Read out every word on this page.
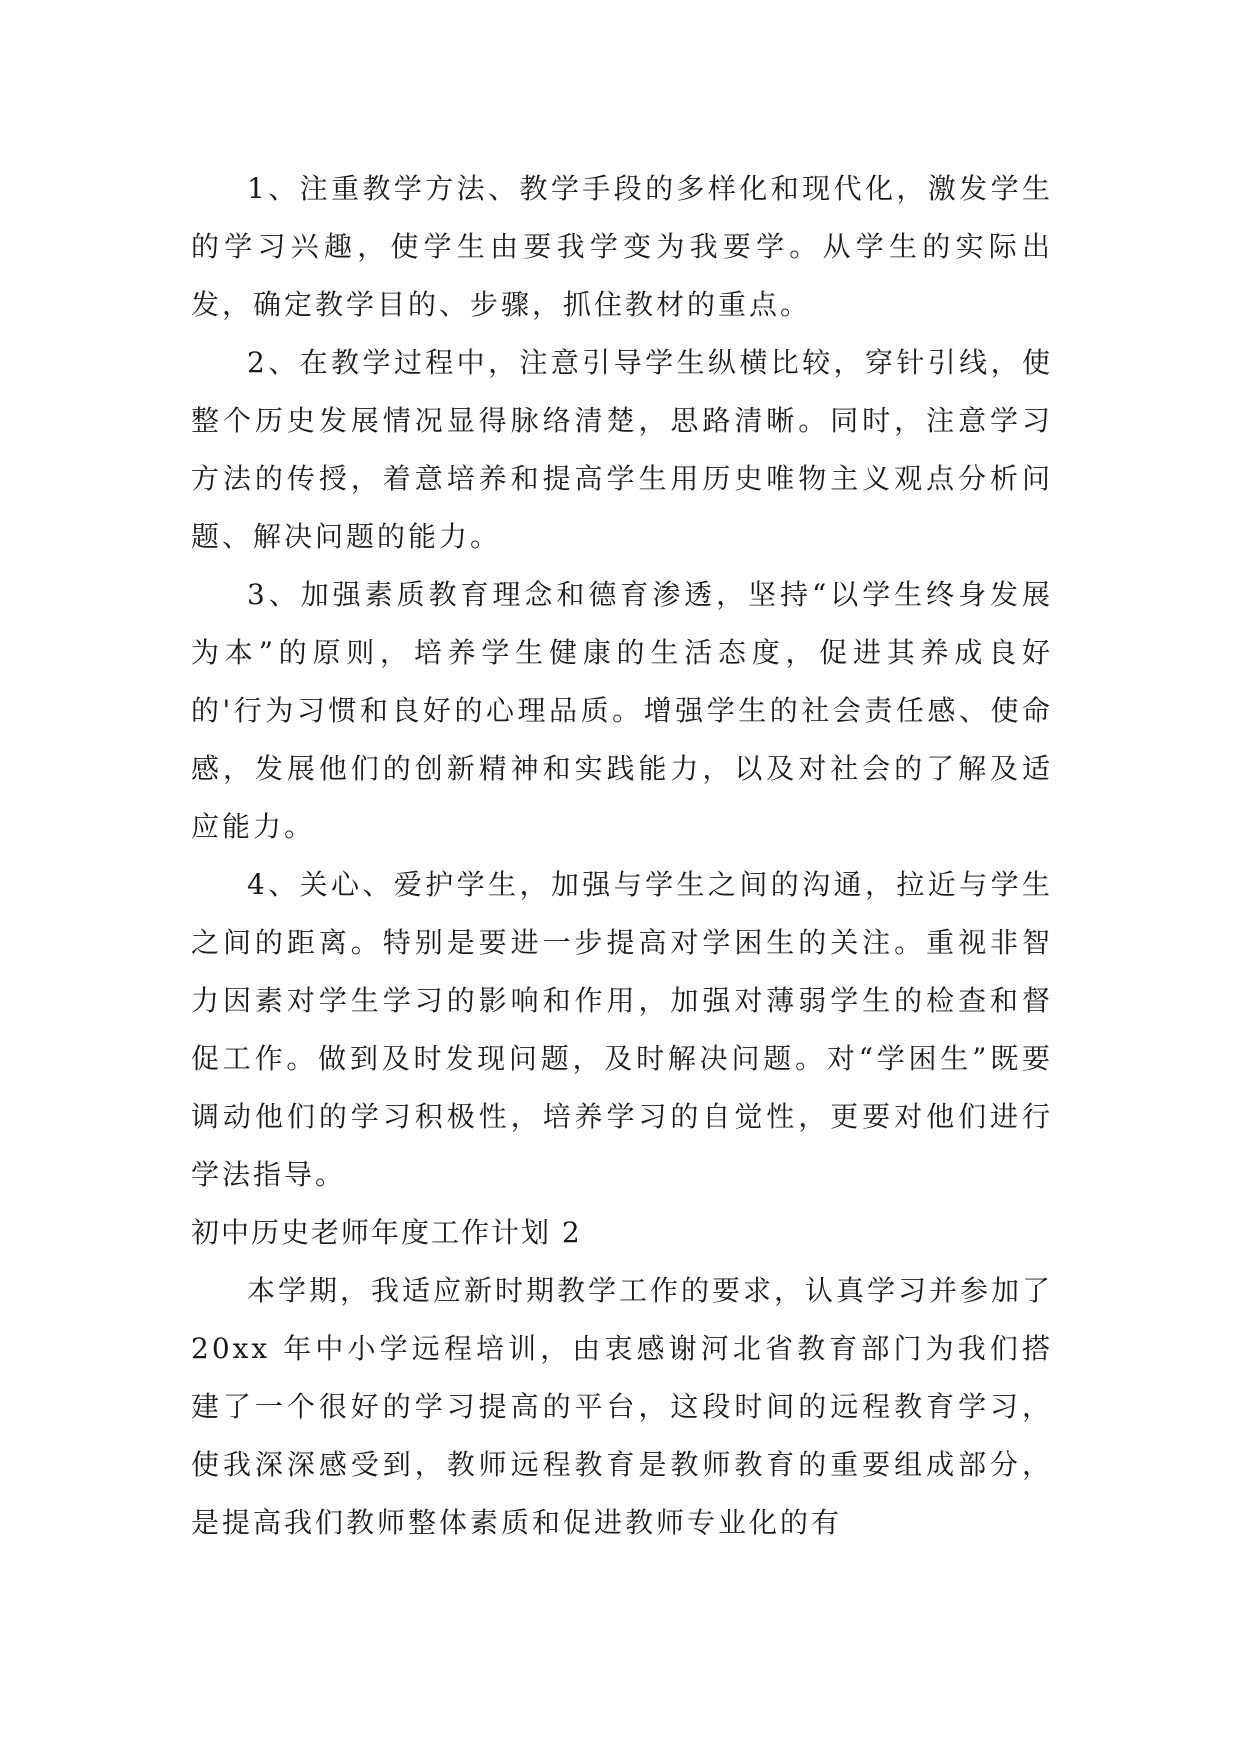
1、注重教学方法、教学手段的多样化和现代化，激发学生的学习兴趣，使学生由要我学变为我要学。从学生的实际出发，确定教学目的、步骤，抓住教材的重点。

2、在教学过程中，注意引导学生纵横比较，穿针引线，使整个历史发展情况显得脉络清楚，思路清晰。同时，注意学习方法的传授，着意培养和提高学生用历史唯物主义观点分析问题、解决问题的能力。

3、加强素质教育理念和德育渗透，坚持“以学生终身发展为本”的原则，培养学生健康的生活态度，促进其养成良好的'行为习惯和良好的心理品质。增强学生的社会责任感、使命感，发展他们的创新精神和实践能力，以及对社会的了解及适应能力。

4、关心、爱护学生，加强与学生之间的沟通，拉近与学生之间的距离。特别是要进一步提高对学困生的关注。重视非智力因素对学生学习的影响和作用，加强对薄弱学生的检查和督促工作。做到及时发现问题，及时解决问题。对“学困生”既要调动他们的学习积极性，培养学习的自觉性，更要对他们进行学法指导。

初中历史老师年度工作计划 2

本学期，我适应新时期教学工作的要求，认真学习并参加了 20xx 年中小学远程培训，由衷感谢河北省教育部门为我们搭建了一个很好的学习提高的平台，这段时间的远程教育学习，使我深深感受到，教师远程教育是教师教育的重要组成部分，是提高我们教师整体素质和促进教师专业化的有
